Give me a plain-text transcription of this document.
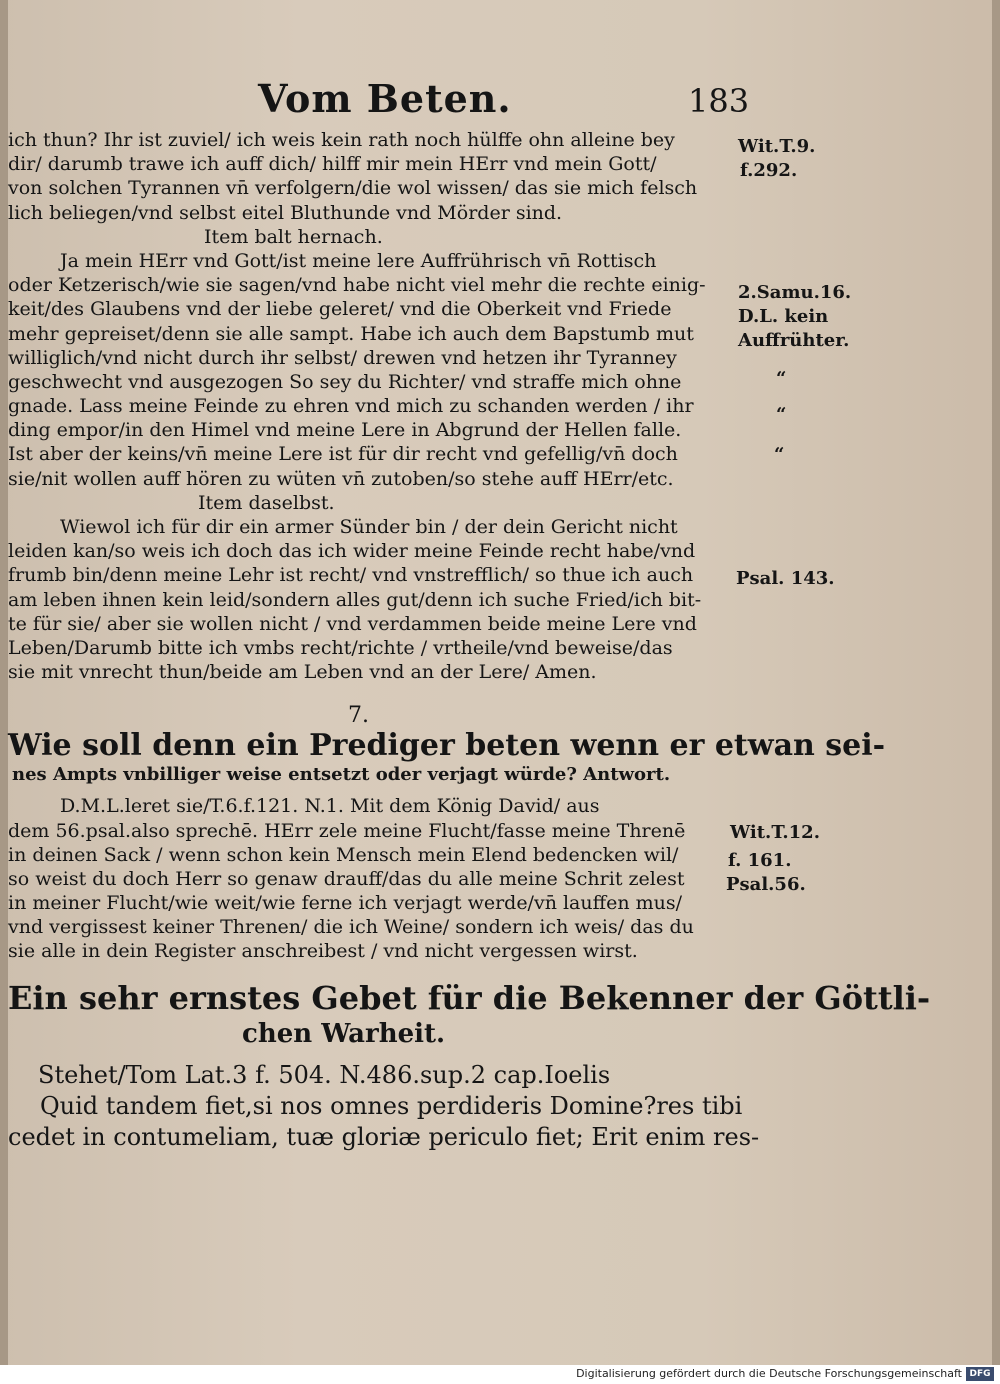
Vom Beten.	183
ich thun? Ihr ist zuviel/ ich weis kein rath noch hülffe ohn alleine bey
dir/ darumb trawe ich auff dich/ hilff mir mein HErr vnd mein Gott/
von solchen Tyrannen vn̄ verfolgern/die wol wissen/ das sie mich felsch
lich beliegen/vnd selbst eitel Bluthunde vnd Mörder sind.
Item balt hernach.
Ja mein HErr vnd Gott/ist meine lere Auffrührisch vn̄ Rottisch
oder Ketzerisch/wie sie sagen/vnd habe nicht viel mehr die rechte einig-
keit/des Glaubens vnd der liebe geleret/ vnd die Oberkeit vnd Friede
mehr gepreiset/denn sie alle sampt. Habe ich auch dem Bapstumb mut
williglich/vnd nicht durch ihr selbst/ drewen vnd hetzen ihr Tyranney
geschwecht vnd ausgezogen So sey du Richter/ vnd straffe mich ohne
gnade. Lass meine Feinde zu ehren vnd mich zu schanden werden / ihr
ding empor/in den Himel vnd meine Lere in Abgrund der Hellen falle.
Ist aber der keins/vn̄ meine Lere ist für dir recht vnd gefellig/vn̄ doch
sie/nit wollen auff hören zu wüten vn̄ zutoben/so stehe auff HErr/etc.
Item daselbst.
Wiewol ich für dir ein armer Sünder bin / der dein Gericht nicht
leiden kan/so weis ich doch das ich wider meine Feinde recht habe/vnd
frumb bin/denn meine Lehr ist recht/ vnd vnstrefflich/ so thue ich auch
am leben ihnen kein leid/sondern alles gut/denn ich suche Fried/ich bit-
te für sie/ aber sie wollen nicht / vnd verdammen beide meine Lere vnd
Leben/Darumb bitte ich vmbs recht/richte / vrtheile/vnd beweise/das
sie mit vnrecht thun/beide am Leben vnd an der Lere/ Amen.
7.
Wie soll denn ein Prediger beten wenn er etwan sei-
nes Ampts vnbilliger weise entsetzt oder verjagt würde? Antwort.
D.M.L.leret sie/T.6.f.121. N.1. Mit dem König David/ aus
dem 56.psal.also sprechē. HErr zele meine Flucht/fasse meine Threnē
in deinen Sack / wenn schon kein Mensch mein Elend bedencken wil/
so weist du doch Herr so genaw drauff/das du alle meine Schrit zelest
in meiner Flucht/wie weit/wie ferne ich verjagt werde/vn̄ lauffen mus/
vnd vergissest keiner Threnen/ die ich Weine/ sondern ich weis/ das du
sie alle in dein Register anschreibest / vnd nicht vergessen wirst.
Ein sehr ernstes Gebet für die Bekenner der Göttli-
chen Warheit.
Stehet/Tom Lat.3 f. 504. N.486.sup.2 cap.Ioelis
Quid tandem fiet,si nos omnes perdideris Domine?res tibi
cedet in contumeliam, tuæ gloriæ periculo fiet; Erit enim res-
Wit.T.9.
f.292.
2.Samu.16.
D.L. kein
Auffrühter.
“
“
“
Psal. 143.
Wit.T.12.
f. 161.
Psal.56.
Digitalisierung gefördert durch die Deutsche Forschungsgemeinschaft DFG
